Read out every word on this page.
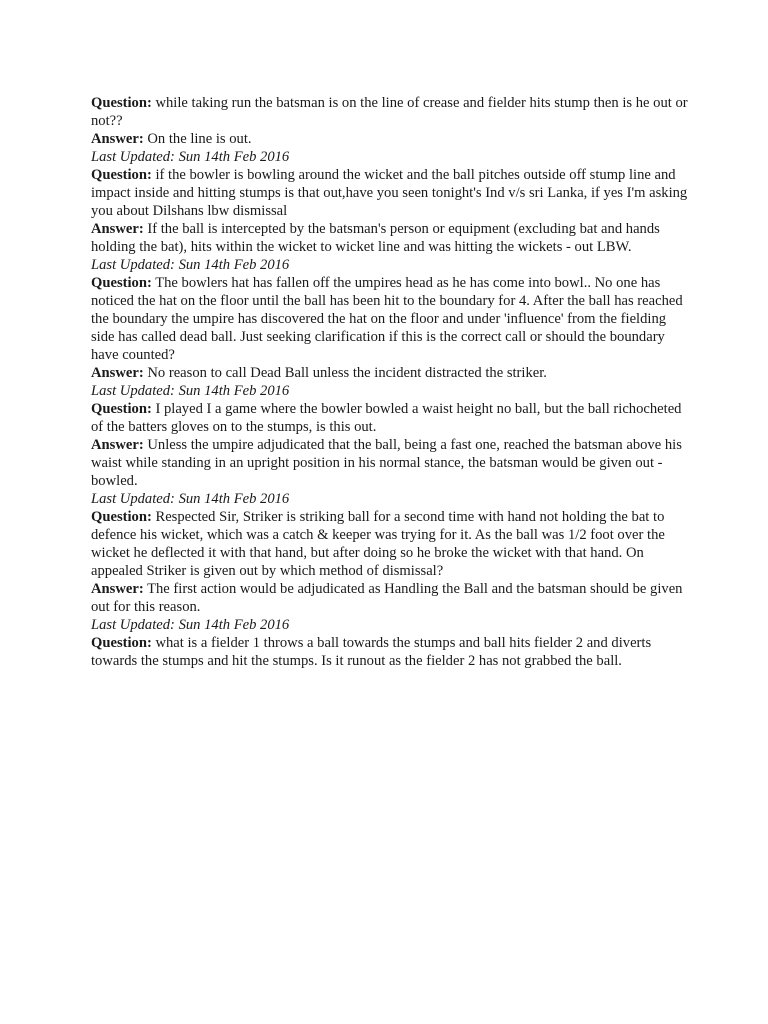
Question: while taking run the batsman is on the line of crease and fielder hits stump then is he out or not??

Answer: On the line is out.

Last Updated: Sun 14th Feb 2016

Question: if the bowler is bowling around the wicket and the ball pitches outside off stump line and impact inside and hitting stumps is that out,have you seen tonight's Ind v/s sri Lanka, if yes I'm asking you about Dilshans lbw dismissal

Answer: If the ball is intercepted by the batsman's person or equipment (excluding bat and hands holding the bat), hits within the wicket to wicket line and was hitting the wickets - out LBW.

Last Updated: Sun 14th Feb 2016

Question: The bowlers hat has fallen off the umpires head as he has come into bowl.. No one has noticed the hat on the floor until the ball has been hit to the boundary for 4. After the ball has reached the boundary the umpire has discovered the hat on the floor and under 'influence' from the fielding side has called dead ball. Just seeking clarification if this is the correct call or should the boundary have counted?

Answer: No reason to call Dead Ball unless the incident distracted the striker.

Last Updated: Sun 14th Feb 2016

Question: I played I a game where the bowler bowled a waist height no ball, but the ball richocheted of the batters gloves on to the stumps, is this out.

Answer: Unless the umpire adjudicated that the ball, being a fast one, reached the batsman above his waist while standing in an upright position in his normal stance, the batsman would be given out - bowled.

Last Updated: Sun 14th Feb 2016

Question: Respected Sir, Striker is striking ball for a second time with hand not holding the bat to defence his wicket, which was a catch & keeper was trying for it. As the ball was 1/2 foot over the wicket he deflected it with that hand, but after doing so he broke the wicket with that hand. On appealed Striker is given out by which method of dismissal?

Answer: The first action would be adjudicated as Handling the Ball and the batsman should be given out for this reason.

Last Updated: Sun 14th Feb 2016

Question: what is a fielder 1 throws a ball towards the stumps and ball hits fielder 2 and diverts towards the stumps and hit the stumps. Is it runout as the fielder 2 has not grabbed the ball.
